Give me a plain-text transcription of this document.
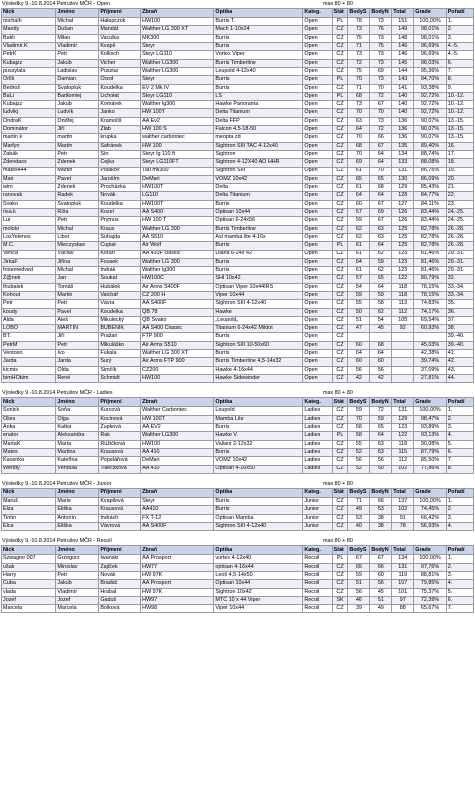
Výsledky 9.-10.8.2014 Petrušov MČR - Open	max 80 + 80
Nick	Jméno	Příjmení	Zbraň	Optika	Kateg.	Stát	BodyS	BodyN	Total	Grade	Pořadí
michalh	Michał	Hałupczok	HW100	Burris T.	Open	PL	78	73	151	100,00%	1.
Mandy	Dušan	Mandát	Walther LG 300 XT	Mach 1-10x24	Open	CZ	73	76	149	98,01%	2.
Bakli	Milan	Vaculka	MK300	Burris	Open	CZ	75	73	148	98,01%	3.
Vladimír.K	Vladimír	Kvapil	Steyr	Burris	Open	CZ	71	75	146	96,69%	4.-5.
PetrK	Petr	Kollisch	Steyr LG110	Vortex Viper	Open	CZ	73	73	146	96,69%	4.-5.
Kubajzz	Jakub	Vicher	Walther LG300	Burris Timberline	Open	CZ	72	73	145	96,03%	6.
pussylala	Ladislav	Pusztai	Walther LG300	Leupold 4-12x40	Open	CZ	75	69	144	95,36%	7.
Orlík	Damian	Orzoł	Steyr	Burris	Open	PL	70	73	143	94,70%	8.
Bedroš	Svatopluk	Koudelka	EV 2 Mk IV	Burris	Open	CZ	71	70	141	93,38%	9.
BaLi	Bartłomiej	Lichołat	Steyr LG110	LS	Open	PL	68	72	140	92,72%	10.-12.
Kubajzz	Jakub	Komárek	Walther lg300	Hawke Panorama	Open	CZ	73	67	140	92,72%	10.-12.
ludvikj	Ludvík	Janko	HW 100T	Delta Titanium	Open	CZ	70	70	140	92,72%	10.-12.
OndraK	Ondřej	Kramolíš	AA Ev2	Delta FFP	Open	CZ	63	73	136	90,07%	13.-15.
Dominátor	Jiří	Žlab	HW 100 S	Falcon 4.5-18-50	Open	CZ	64	72	136	90,07%	13.-15.
martin k	martin	krupka	walther carbontec	meopta zd	Open	CZ	70	66	136	90,07%	13.-15.
Marfyn	Martin	Šafránek	HW 100	Sightron SIII TAC 4-12x40	Open	CZ	68	67	135	89,40%	16.
Zabák	Petr	Šín	Steyr lg 110 ft	Sightron	Open	CZ	70	64	134	88,74%	17.
Zdendaxx	Zdenek	Čejka	Steyr LG110FT	Sightron 4-12X40 AO HHR	Open	CZ	69	64	133	88,08%	18.
mates444	Martin	Polakov	Tau mk300	Sightron SIII	Open	CZ	61	70	131	86,75%	19.
Mari	Pavel	Jaroším	DeMari	VOMZ 10x42	Open	CZ	65	65	130	86,09%	20.
wim	Zdenek	Procházka	HW100T	Delta	Open	CZ	61	68	129	85,43%	21.
ranovak	Radek	Novák	LG110	Delta Titanium	Open	CZ	64	64	128	84,77%	22.
Svako	Svatopluk	Koudelka	HW100T	Burris	Open	CZ	60	67	127	84,11%	23.
risa.k	Říša	Kozel	AA S400	Optisan 10x44	Open	CZ	57	69	126	83,44%	24.-25.
Lui	Petr	Prymus	HW 100 T	Optisan 6-24x56	Open	CZ	59	67	126	83,44%	24.-25.
moloto	Michal	Kraus	Walther LG 300	Burris Timberline	Open	CZ	62	63	125	82,78%	26.-28.
LosYelenos	Libor	Šuhajda	AA S510	Asi mamba lite 4-16x	Open	CZ	62	63	125	82,78%	26.-28.
M.C.	Mieczysław	Cupiał	Air Wolf	Burris	Open	PL	61	64	125	82,78%	26.-28.
Venca	Václav	Kořán	AA 410F classic	Diana 6-24x 42	Open	CZ	61	62	123	81,46%	29.-31.
JirkaF	Jiřina	Fousek	Walther LG 300	Burris	Open	CZ	64	59	123	81,46%	29.-31.
frotemedved	Michal	Indrák	Walther lg300	Burris	Open	CZ	61	62	123	81,46%	29.-31.
Z@nek	Jan	Soukal	HW100C	SHI 10x42	Open	CZ	57	65	122	80,79%	32.
thubalek	Tomáš	Hubálek	Air Arms S400F	Optisan Viper 10x44IRS	Open	CZ	54	64	118	78,15%	33.-34.
Kohout	Martin	Valchář	CZ 200 H	Viper 10x44	Open	CZ	59	59	118	78,15%	33.-34.
Petr	Petr	Vávra	AA S400F	Sightron SIII 4-12x40	Open	CZ	55	58	113	74,83%	35.
koudy	Pavel	Koudelka	QB 78	Hawke	Open	CZ	50	62	112	74,17%	36.
Alda	Aleš	Mikulecký	QB Svako	„Leupold„	Open	CZ	51	54	105	69,54%	37.
LOBO	MARTIN	BUBENÍK	AA S400 Classic	Titanium 6-24x42 Mildot	Open	CZ	47	45	92	60,93%	38.
BT.	Jiří	Pražan	FTP 900	Burris	Open	CZ					39.-40.
PetrM	Petr	Mikuláško	Air Arms S510	Sightron SIII 10-50x60	Open	CZ	60	68		45,03%	39.-40.
Ventoso	Ivo	Fukala	Walther LG 300 XT	Burris	Open	CZ	64	64		42,38%	41.
Jarda	Jarda	Surý	Air Arms FTP 900	Burris Timberline 4,5-14x32	Open	CZ	60	60		39,74%	42.
kicmis	Olda	Šimčík	CZ200	Hawke 4-16x44	Open	CZ	56	56		37,09%	43.
bimHObim	René	Schmidt	HW100	Hawke Sidewinder	Open	CZ	42	42		27,81%	44.
Výsledky 9.-10.8.2014 Petrušov MČR - Ladies	max 80 + 80
Nick	Jméno	Příjmení	Zbraň	Optika	Kateg.	Stát	BodyS	BodyN	Total	Grade	Pořadí
Sonick	Soňa	Kurcová	Walther Carbontec	Leupold	Ladies	CZ	59	72	131	100,00%	1.
Olies	Olga	Kocinová	HW 100T	Mamba Lite	Ladies	CZ	70	59	129	98,47%	2.
Anka	Katka	Zupková	AA EV2	Burris	Ladies	CZ	58	65	123	93,89%	3.
enator	Aleksandra	Rak	Walther LG300	Hawke V.	Ladies	PL	58	64	122	93,13%	4.
MartaK	Marta	Růžičková	HW100	Valiant 2-12x32	Ladies	CZ	55	63	118	90,08%	5.
Mates	Martina	Krausová	AA 410	Burris	Ladies	CZ	52	63	115	87,79%	6.
Kacenka	Kateřina	Popelářová	DeMari	VOMZ 10x42	Ladies	CZ	56	56	112	85,50%	7.
Wendy	Vendula	Tilleczková	AA 410	Optisan 4-16x50	Ladies	CZ	52	50	102	77,86%	8.
Výsledky 9.-10.8.2014 Petrušov MČR - Junior	max 80 + 80
Nick	Jméno	Příjmení	Zbraň	Optika	Kateg.	Stát	BodyS	BodyN	Total	Grade	Pořadí
Maruš	Marie	Kvapilová	Steyr	Burris	Junior	CZ	71	66	137	100,00%	1.
Elza	Eliška	Krausová	AA410	Burris	Junior	CZ	49	53	102	74,45%	2.
Tintin	Antonín	Indrách	FX T-12	Optisan Mamba	Junior	CZ	53	38	91	66,42%	3.
Elca	Eliška	Vávrová	AA S400F	Sightron SIII 4-12x40	Junior	CZ	40	38	78	56,93%	4.
Výsledky 9.-10.8.2014 Petrušov MČR - Recoil	max 80 + 80
Nick	Jméno	Příjmení	Zbraň	Optika	Kateg.	Stát	BodyS	BodyN	Total	Grade	Pořadí
Szwagier 007	Grzegorz	Iwański	AA Prosport	vortex 4-12x40	Recoil	PL	67	67	134	100,00%	1.
ušak	Miroslav	Zajíček	HW77	optisan 4-16x44	Recoil	CZ	65	66	131	97,76%	2.
Harry	Petr	Novák	HW 97K	Leoš 4,5-14x50	Recoil	CZ	59	60	119	88,81%	3.
Cuba	Jakub	Bradáč	AA Prosport	Optisan 10x44	Recoil	CZ	51	56	107	79,85%	4.
vlada	Vladimír	Hrabal	HW 97K	Sightron 10x42	Recoil	CZ	56	45	101	75,37%	5.
Jozef	Jozef	Gaduš	HW97	MTC 10 x 44 Viper	Recoil	SK	46	51	97	72,39%	6.
Marcela	Marcela	Bolková	HW98	Viper 10x44	Recoil	CZ	39	49	88	65,67%	7.
